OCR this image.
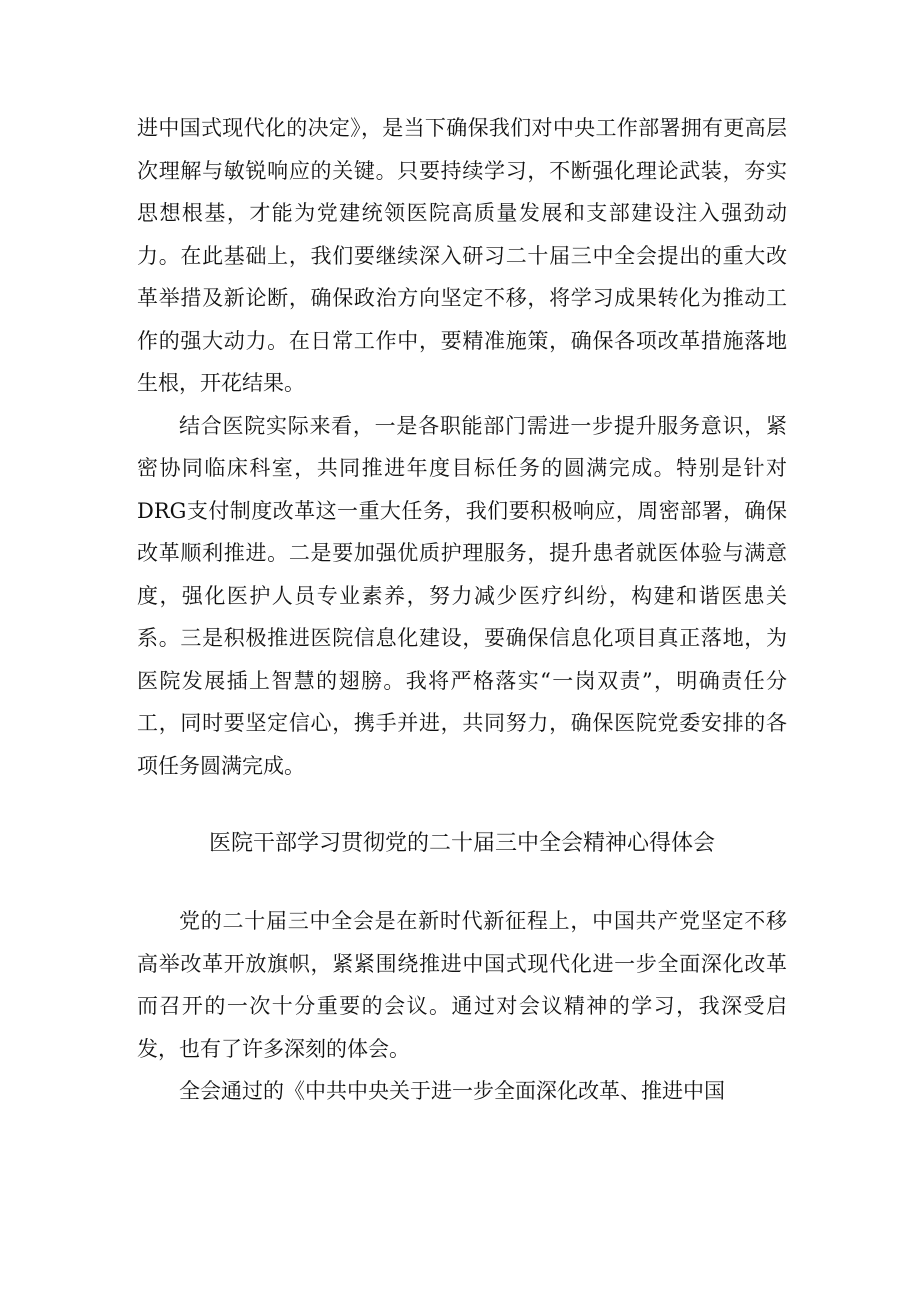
进中国式现代化的决定》，是当下确保我们对中央工作部署拥有更高层次理解与敏锐响应的关键。只要持续学习，不断强化理论武装，夯实思想根基，才能为党建统领医院高质量发展和支部建设注入强劲动力。在此基础上，我们要继续深入研习二十届三中全会提出的重大改革举措及新论断，确保政治方向坚定不移，将学习成果转化为推动工作的强大动力。在日常工作中，要精准施策，确保各项改革措施落地生根，开花结果。

结合医院实际来看，一是各职能部门需进一步提升服务意识，紧密协同临床科室，共同推进年度目标任务的圆满完成。特别是针对DRG支付制度改革这一重大任务，我们要积极响应，周密部署，确保改革顺利推进。二是要加强优质护理服务，提升患者就医体验与满意度，强化医护人员专业素养，努力减少医疗纠纷，构建和谐医患关系。三是积极推进医院信息化建设，要确保信息化项目真正落地，为医院发展插上智慧的翅膀。我将严格落实“一岗双责”，明确责任分工，同时要坚定信心，携手并进，共同努力，确保医院党委安排的各项任务圆满完成。

医院干部学习贯彻党的二十届三中全会精神心得体会

党的二十届三中全会是在新时代新征程上，中国共产党坚定不移高举改革开放旗帜，紧紧围绕推进中国式现代化进一步全面深化改革而召开的一次十分重要的会议。通过对会议精神的学习，我深受启发，也有了许多深刻的体会。

全会通过的《中共中央关于进一步全面深化改革、推进中国
